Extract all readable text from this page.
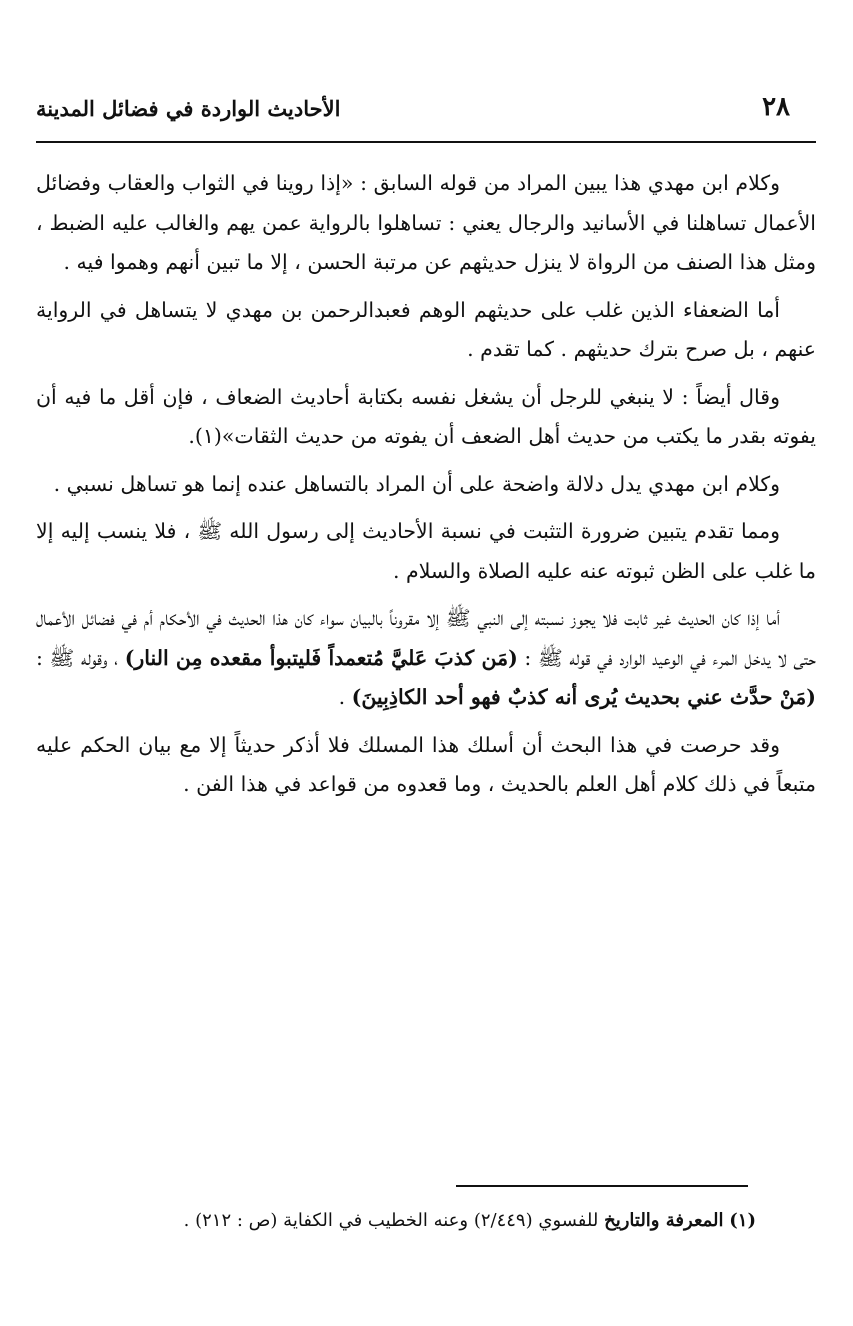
٢٨
الأحاديث الواردة في فضائل المدينة

وكلام ابن مهدي هذا يبين المراد من قوله السابق : «إذا روينا في الثواب والعقاب وفضائل الأعمال تساهلنا في الأسانيد والرجال يعني : تساهلوا بالرواية عمن يهم والغالب عليه الضبط ، ومثل هذا الصنف من الرواة لا ينزل حديثهم عن مرتبة الحسن ، إلا ما تبين أنهم وهموا فيه .

أما الضعفاء الذين غلب على حديثهم الوهم فعبدالرحمن بن مهدي لا يتساهل في الرواية عنهم ، بل صرح بترك حديثهم . كما تقدم .

وقال أيضاً : لا ينبغي للرجل أن يشغل نفسه بكتابة أحاديث الضعاف ، فإن أقل ما فيه أن يفوته بقدر ما يكتب من حديث أهل الضعف أن يفوته من حديث الثقات»(١).

وكلام ابن مهدي يدل دلالة واضحة على أن المراد بالتساهل عنده إنما هو تساهل نسبي .

ومما تقدم يتبين ضرورة التثبت في نسبة الأحاديث إلى رسول الله ﷺ ، فلا ينسب إليه إلا ما غلب على الظن ثبوته عنه عليه الصلاة والسلام .

أما إذا كان الحديث غير ثابت فلا يجوز نسبته إلى النبي ﷺ إلا مقروناً بالبيان سواء كان هذا الحديث في الأحكام أم في فضائل الأعمال حتى لا يدخل المرء في الوعيد الوارد في قوله ﷺ : (مَن كذبَ عَليَّ مُتعمداً فَليتبوأ مقعده مِن النار) ، وقوله ﷺ : (مَنْ حدَّث عني بحديث يُرى أنه كذبٌ فهو أحد الكاذِبِينَ) .

وقد حرصت في هذا البحث أن أسلك هذا المسلك فلا أذكر حديثاً إلا مع بيان الحكم عليه متبعاً في ذلك كلام أهل العلم بالحديث ، وما قعدوه من قواعد في هذا الفن .

(١) المعرفة والتاريخ للفسوي (٢/٤٤٩) وعنه الخطيب في الكفاية (ص : ٢١٢) .
